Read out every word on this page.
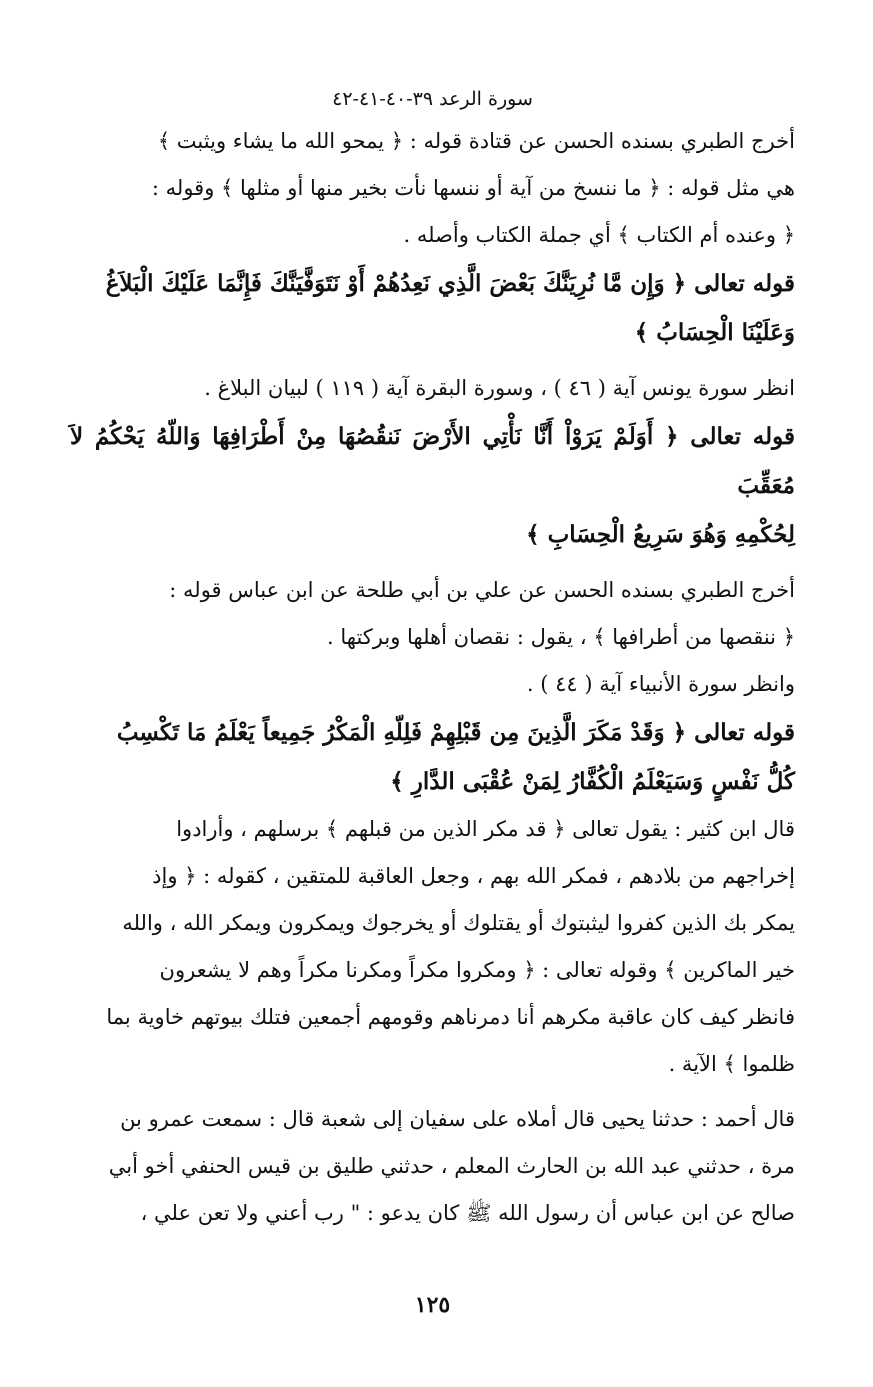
سورة الرعد ٣٩-٤٠-٤١-٤٢

أخرج الطبري بسنده الحسن عن قتادة قوله : ﴿ يمحو الله ما يشاء ويثبت ﴾
هي مثل قوله : ﴿ ما ننسخ من آية أو ننسها نأت بخير منها أو مثلها ﴾ وقوله :
﴿ وعنده أم الكتاب ﴾ أي جملة الكتاب وأصله .

قوله تعالى ﴿ وَإِن مَّا نُرِيَنَّكَ بَعْضَ الَّذِي نَعِدُهُمْ أَوْ نَتَوَفَّيَنَّكَ فَإِنَّمَا عَلَيْكَ الْبَلاَغُ
وَعَلَيْنَا الْحِسَابُ ﴾

انظر سورة يونس آية ( ٤٦ ) ، وسورة البقرة آية ( ١١٩ ) لبيان البلاغ .

قوله تعالى ﴿ أَوَلَمْ يَرَوْاْ أَنَّا نَأْتِي الأَرْضَ نَنقُصُهَا مِنْ أَطْرَافِهَا وَاللّهُ يَحْكُمُ لاَ مُعَقِّبَ
لِحُكْمِهِ وَهُوَ سَرِيعُ الْحِسَابِ ﴾

أخرج الطبري بسنده الحسن عن علي بن أبي طلحة عن ابن عباس قوله :
﴿ ننقصها من أطرافها ﴾ ، يقول : نقصان أهلها وبركتها .
وانظر سورة الأنبياء آية ( ٤٤ ) .

قوله تعالى ﴿ وَقَدْ مَكَرَ الَّذِينَ مِن قَبْلِهِمْ فَلِلّهِ الْمَكْرُ جَمِيعاً يَعْلَمُ مَا تَكْسِبُ
كُلُّ نَفْسٍ وَسَيَعْلَمُ الْكُفَّارُ لِمَنْ عُقْبَى الدَّارِ ﴾

قال ابن كثير : يقول تعالى ﴿ قد مكر الذين من قبلهم ﴾ برسلهم ، وأرادوا
إخراجهم من بلادهم ، فمكر الله بهم ، وجعل العاقبة للمتقين ، كقوله : ﴿ وإذ
يمكر بك الذين كفروا ليثبتوك أو يقتلوك أو يخرجوك ويمكرون ويمكر الله ، والله
خير الماكرين ﴾ وقوله تعالى : ﴿ ومكروا مكراً ومكرنا مكراً وهم لا يشعرون
فانظر كيف كان عاقبة مكرهم أنا دمرناهم وقومهم أجمعين فتلك بيوتهم خاوية بما
ظلموا ﴾ الآية .

قال أحمد : حدثنا يحيى قال أملاه على سفيان إلى شعبة قال : سمعت عمرو بن
مرة ، حدثني عبد الله بن الحارث المعلم ، حدثني طليق بن قيس الحنفي أخو أبي
صالح عن ابن عباس أن رسول الله ﷺ كان يدعو : " رب أعني ولا تعن علي ،

١٢٥
